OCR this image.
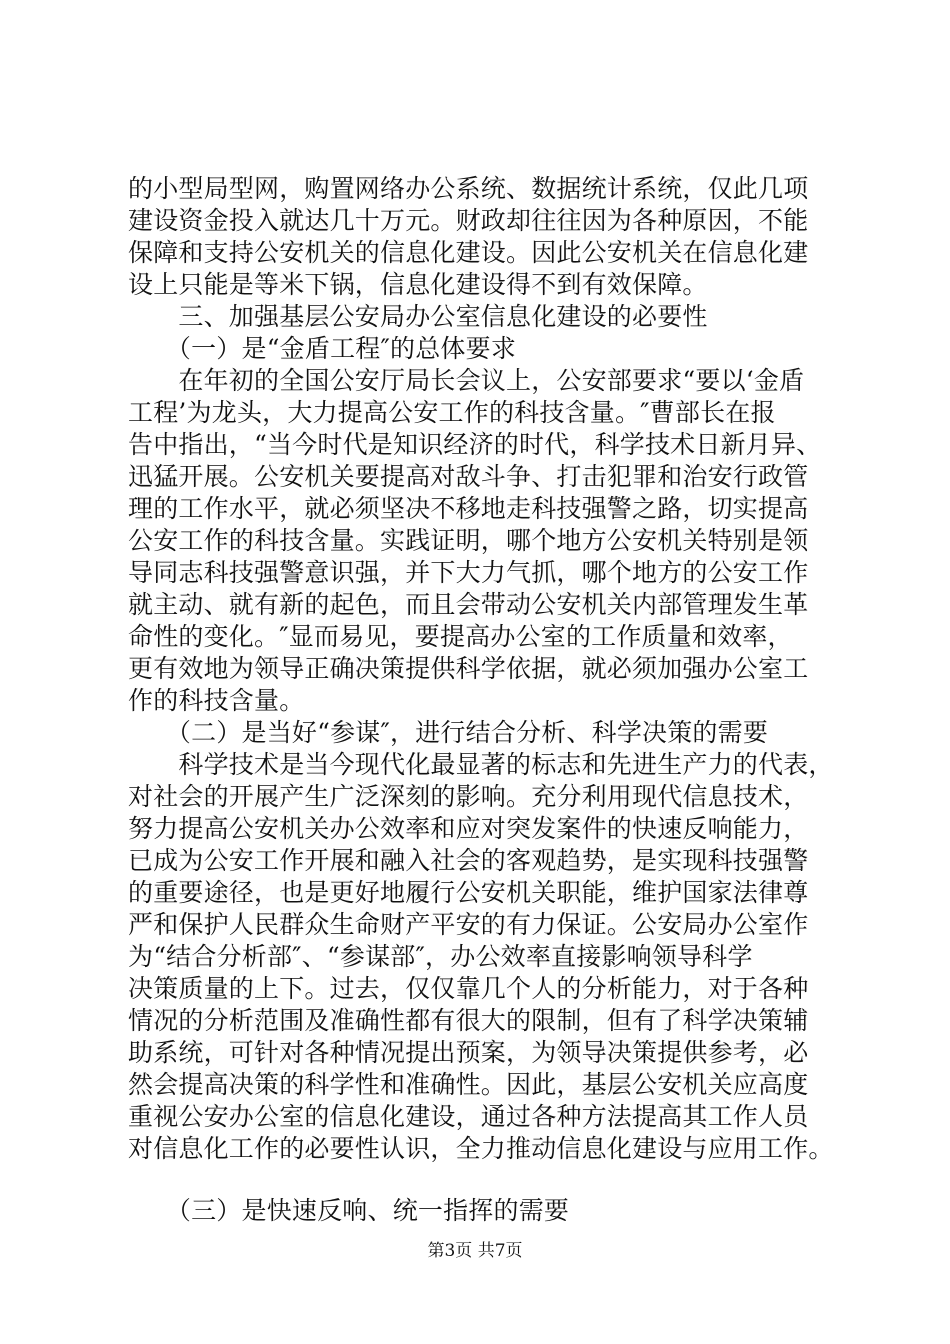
的小型局型网，购置网络办公系统、数据统计系统，仅此几项
建设资金投入就达几十万元。财政却往往因为各种原因，不能
保障和支持公安机关的信息化建设。因此公安机关在信息化建
设上只能是等米下锅，信息化建设得不到有效保障。
　　三、加强基层公安局办公室信息化建设的必要性
　　（一）是“金盾工程″的总体要求
　　在年初的全国公安厅局长会议上，公安部要求“要以‘金盾
工程’为龙头，大力提高公安工作的科技含量。″曹部长在报
告中指出，“当今时代是知识经济的时代，科学技术日新月异、
迅猛开展。公安机关要提高对敌斗争、打击犯罪和治安行政管
理的工作水平，就必须坚决不移地走科技强警之路，切实提高
公安工作的科技含量。实践证明，哪个地方公安机关特别是领
导同志科技强警意识强，并下大力气抓，哪个地方的公安工作
就主动、就有新的起色，而且会带动公安机关内部管理发生革
命性的变化。″显而易见，要提高办公室的工作质量和效率，
更有效地为领导正确决策提供科学依据，就必须加强办公室工
作的科技含量。
　　（二）是当好“参谋″，进行结合分析、科学决策的需要
　　科学技术是当今现代化最显著的标志和先进生产力的代表，
对社会的开展产生广泛深刻的影响。充分利用现代信息技术，
努力提高公安机关办公效率和应对突发案件的快速反响能力，
已成为公安工作开展和融入社会的客观趋势，是实现科技强警
的重要途径，也是更好地履行公安机关职能，维护国家法律尊
严和保护人民群众生命财产平安的有力保证。公安局办公室作
为“结合分析部″、“参谋部″，办公效率直接影响领导科学
决策质量的上下。过去，仅仅靠几个人的分析能力，对于各种
情况的分析范围及准确性都有很大的限制，但有了科学决策辅
助系统，可针对各种情况提出预案，为领导决策提供参考，必
然会提高决策的科学性和准确性。因此，基层公安机关应高度
重视公安办公室的信息化建设，通过各种方法提高其工作人员
对信息化工作的必要性认识，全力推动信息化建设与应用工作。
第3页 共7页
　　（三）是快速反响、统一指挥的需要
